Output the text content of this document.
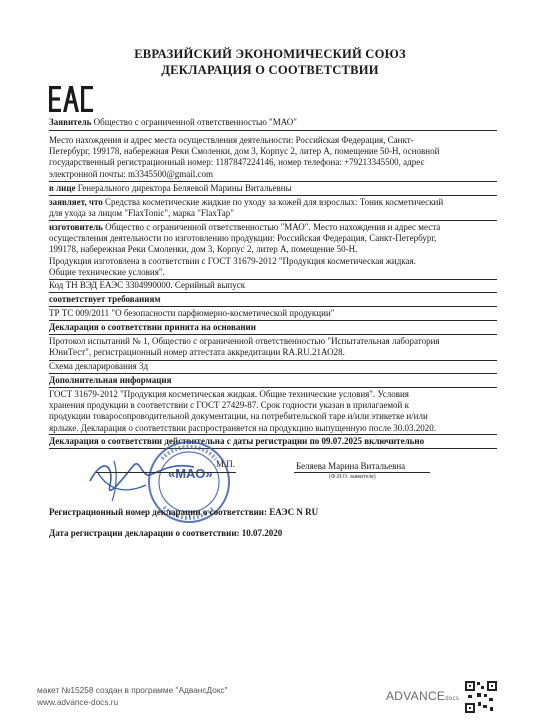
ЕВРАЗИЙСКИЙ ЭКОНОМИЧЕСКИЙ СОЮЗ
ДЕКЛАРАЦИЯ О СООТВЕТСТВИИ
Заявитель Общество с ограниченной ответственностью "МАО"
Место нахождения и адрес места осуществления деятельности: Российская Федерация, Санкт-
Петербург, 199178, набережная Реки Смоленки, дом 3, Корпус 2, литер А, помещение 50-Н, основной
государственный регистрационный номер: 1187847224146, номер телефона: +79213345500, адрес
электронной почты: m3345500@gmail.com
в лице Генерального директора Беляевой Марины Витальевны
заявляет, что Средства косметические жидкие по уходу за кожей для взрослых: Тоник косметический
для ухода за лицом "FlaxTonic", марка "FlaxTap"
изготовитель Общество с ограниченной ответственностью "МАО". Место нахождения и адрес места
осуществления деятельности по изготовлению продукции: Российская Федерация, Санкт-Петербург,
199178, набережная Реки Смоленки, дом 3, Корпус 2, литер А, помещение 50-Н.
Продукция изготовлена в соответствии с ГОСТ 31679-2012 "Продукция косметическая жидкая.
Общие технические условия".
Код ТН ВЭД ЕАЭС 3304990000. Серийный выпуск
соответствует требованиям
ТР ТС 009/2011 "О безопасности парфюмерно-косметической продукции"
Декларация о соответствии принята на основании
Протокол испытаний № 1, Общество с ограниченной ответственностью "Испытательная лаборатория
ЮниТест", регистрационный номер аттестата аккредитации RA.RU.21АО28.
Схема декларирования 3д
Дополнительная информация
ГОСТ 31679-2012 "Продукция косметическая жидкая. Общие технические условия". Условия
хранения продукции в соответствии с ГОСТ 27429-87. Срок годности указан в прилагаемой к
продукции товаросопроводительной документации, на потребительской таре и/или этикетке и/или
ярлыке. Декларация о соответствии распространяется на продукцию выпущенную после 30.03.2020.
Декларация о соответствии действительна с даты регистрации по 09.07.2025 включительно
«МАО»
М.П.	Беляева Марина Витальевна
(Ф.И.О. заявителя)
Регистрационный номер декларации о соответствии: ЕАЭС N RU
Дата регистрации декларации о соответствии: 10.07.2020
макет №15258 создан в программе "АдвансДокс"
www.advance-docs.ru	ADVANCEdocs
